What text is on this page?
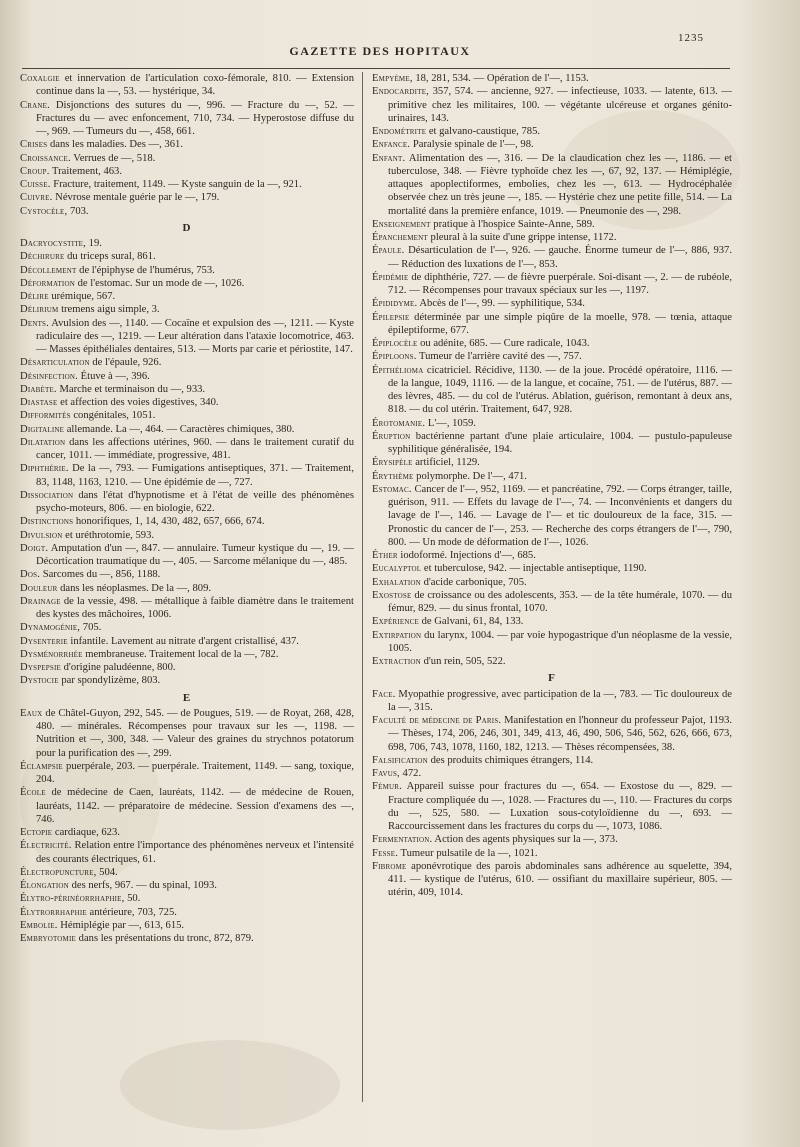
GAZETTE DES HOPITAUX
1235

Coxalgie et innervation de l'articulation coxo-fémorale, 810. — Extension continue dans la —, 53. — hystérique, 34.

Crane. Disjonctions des sutures du —, 996. — Fracture du —, 52. — Fractures du — avec enfoncement, 710, 734. — Hyperostose diffuse du —, 969. — Tumeurs du —, 458, 661.

Crises dans les maladies. Des —, 361.

Croissance. Verrues de —, 518.

Croup. Traitement, 463.

Cuisse. Fracture, traitement, 1149. — Kyste sanguin de la —, 921.

Cuivre. Névrose mentale guérie par le —, 179.

Cystocèle, 703.

D

Dacryocystite, 19.

Déchirure du triceps sural, 861.

Décollement de l'épiphyse de l'humérus, 753.

Déformation de l'estomac. Sur un mode de —, 1026.

Délire urémique, 567.

Délirium tremens aigu simple, 3.

Dents. Avulsion des —, 1140. — Cocaïne et expulsion des —, 1211. — Kyste radiculaire des —, 1219. — Leur altération dans l'ataxie locomotrice, 463. — Masses épithéliales dentaires, 513. — Morts par carie et périostite, 147.

Désarticulation de l'épaule, 926.

Désinfection. Étuve à —, 396.

Diabète. Marche et terminaison du —, 933.

Diastase et affection des voies digestives, 340.

Difformités congénitales, 1051.

Digitaline allemande. La —, 464. — Caractères chimiques, 380.

Dilatation dans les affections utérines, 960. — dans le traitement curatif du cancer, 1011. — immédiate, progressive, 481.

Diphthérie. De la —, 793. — Fumigations antiseptiques, 371. — Traitement, 83, 1148, 1163, 1210. — Une épidémie de —, 727.

Dissociation dans l'état d'hypnotisme et à l'état de veille des phénomènes psycho-moteurs, 806. — en biologie, 622.

Distinctions honorifiques, 1, 14, 430, 482, 657, 666, 674.

Divulsion et uréthrotomie, 593.

Doigt. Amputation d'un —, 847. — annulaire. Tumeur kystique du —, 19. — Décortication traumatique du —, 405. — Sarcome mélanique du —, 485.

Dos. Sarcomes du —, 856, 1188.

Douleur dans les néoplasmes. De la —, 809.

Drainage de la vessie, 498. — métallique à faible diamètre dans le traitement des kystes des mâchoires, 1006.

Dynamogénie, 705.

Dysenterie infantile. Lavement au nitrate d'argent cristallisé, 437.

Dysménorrhée membraneuse. Traitement local de la —, 782.

Dyspepsie d'origine paludéenne, 800.

Dystocie par spondylizème, 803.

E

Eaux de Châtel-Guyon, 292, 545. — de Pougues, 519. — de Royat, 268, 428, 480. — minérales. Récompenses pour travaux sur les —, 1198. — Nutrition et —, 300, 348. — Valeur des graines du strychnos potatorum pour la purification des —, 299.

Éclampsie puerpérale, 203. — puerpérale. Traitement, 1149. — sang, toxique, 204.

École de médecine de Caen, lauréats, 1142. — de médecine de Rouen, lauréats, 1142. — préparatoire de médecine. Session d'examens des —, 746.

Ectopie cardiaque, 623.

Électricité. Relation entre l'importance des phénomènes nerveux et l'intensité des courants électriques, 61.

Électropuncture, 504.

Élongation des nerfs, 967. — du spinal, 1093.

Élytro-périnéorrhaphie, 50.

Élytrorrhaphie antérieure, 703, 725.

Embolie. Hémiplégie par —, 613, 615.

Embryotomie dans les présentations du tronc, 872, 879.

Empyème, 18, 281, 534. — Opération de l'—, 1153.

Endocardite, 357, 574. — ancienne, 927. — infectieuse, 1033. — latente, 613. — primitive chez les militaires, 100. — végétante ulcéreuse et organes génito-urinaires, 143.

Endométrite et galvano-caustique, 785.

Enfance. Paralysie spinale de l'—, 98.

Enfant. Alimentation des —, 316. — De la claudication chez les —, 1186. — et tuberculose, 348. — Fièvre typhoïde chez les —, 67, 92, 137. — Hémiplégie, attaques apoplectiformes, embolies, chez les —, 613. — Hydrocéphalée observée chez un très jeune —, 185. — Hystérie chez une petite fille, 514. — La mortalité dans la première enfance, 1019. — Pneumonie des —, 298.

Enseignement pratique à l'hospice Sainte-Anne, 589.

Épanchement pleural à la suite d'une grippe intense, 1172.

Épaule. Désarticulation de l'—, 926. — gauche. Énorme tumeur de l'—, 886, 937. — Réduction des luxations de l'—, 853.

Épidémie de diphthérie, 727. — de fièvre puerpérale. Soi-disant —, 2. — de rubéole, 712. — Récompenses pour travaux spéciaux sur les —, 1197.

Épididyme. Abcès de l'—, 99. — syphilitique, 534.

Épilepsie déterminée par une simple piqûre de la moelle, 978. — tœnia, attaque épileptiforme, 677.

Épiplocèle ou adénite, 685. — Cure radicale, 1043.

Épiploons. Tumeur de l'arrière cavité des —, 757.

Épithélioma cicatriciel. Récidive, 1130. — de la joue. Procédé opératoire, 1116. — de la langue, 1049, 1116. — de la langue, et cocaïne, 751. — de l'utérus, 887. — des lèvres, 485. — du col de l'utérus. Ablation, guérison, remontant à deux ans, 818. — du col utérin. Traitement, 647, 928.

Érotomanie. L'—, 1059.

Éruption bactérienne partant d'une plaie articulaire, 1004. — pustulo-papuleuse syphilitique généralisée, 194.

Érysipèle artificiel, 1129.

Érythème polymorphe. De l'—, 471.

Estomac. Cancer de l'—, 952, 1169. — et pancréatine, 792. — Corps étranger, taille, guérison, 911. — Effets du lavage de l'—, 74. — Inconvénients et dangers du lavage de l'—, 146. — Lavage de l'— et tic douloureux de la face, 315. — Pronostic du cancer de l'—, 253. — Recherche des corps étrangers de l'—, 790, 800. — Un mode de déformation de l'—, 1026.

Éther iodoformé. Injections d'—, 685.

Eucalyptol et tuberculose, 942. — injectable antiseptique, 1190.

Exhalation d'acide carbonique, 705.

Exostose de croissance ou des adolescents, 353. — de la tête humérale, 1070. — du fémur, 829. — du sinus frontal, 1070.

Expérience de Galvani, 61, 84, 133.

Extirpation du larynx, 1004. — par voie hypogastrique d'un néoplasme de la vessie, 1005.

Extraction d'un rein, 505, 522.

F

Face. Myopathie progressive, avec participation de la —, 783. — Tic douloureux de la —, 315.

Faculté de médecine de Paris. Manifestation en l'honneur du professeur Pajot, 1193. — Thèses, 174, 206, 246, 301, 349, 413, 46, 490, 506, 546, 562, 626, 666, 673, 698, 706, 743, 1078, 1160, 182, 1213. — Thèses récompensées, 38.

Falsification des produits chimiques étrangers, 114.

Favus, 472.

Fémur. Appareil suisse pour fractures du —, 654. — Exostose du —, 829. — Fracture compliquée du —, 1028. — Fractures du —, 110. — Fractures du corps du —, 525, 580. — Luxation sous-cotyloïdienne du —, 693. — Raccourcissement dans les fractures du corps du —, 1073, 1086.

Fermentation. Action des agents physiques sur la —, 373.

Fesse. Tumeur pulsatile de la —, 1021.

Fibrome aponévrotique des parois abdominales sans adhérence au squelette, 394, 411. — kystique de l'utérus, 610. — ossifiant du maxillaire supérieur, 805. — utérin, 409, 1014.
